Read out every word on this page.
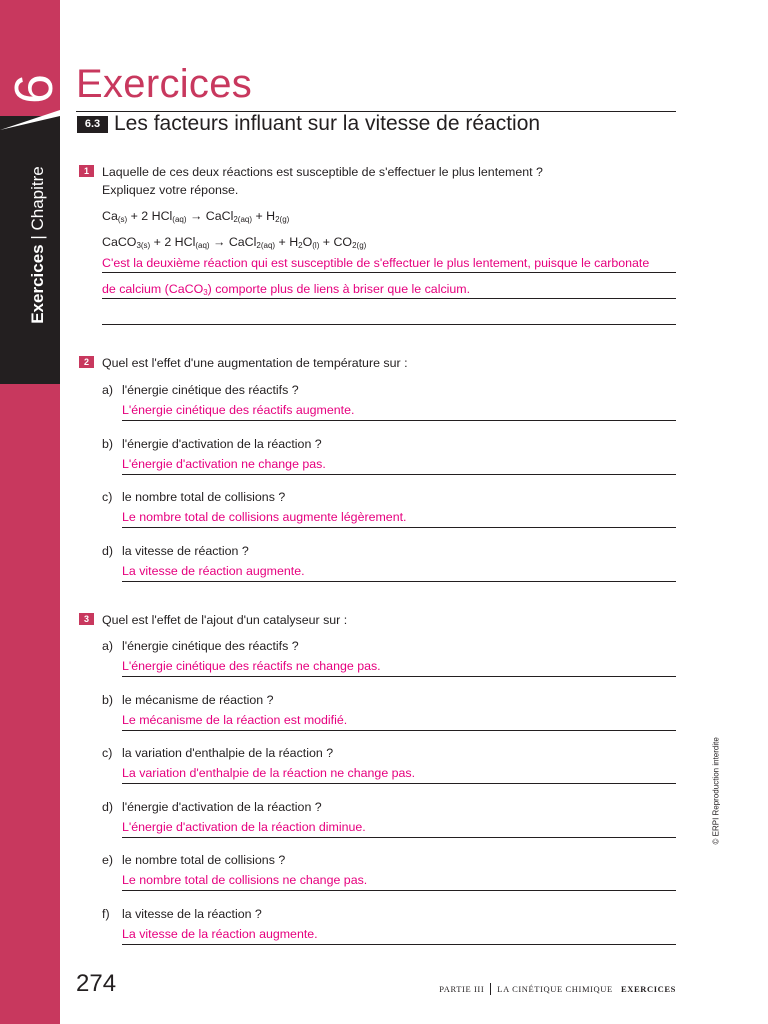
6
Exercices | Chapitre
Exercices
6.3 Les facteurs influant sur la vitesse de réaction
1	Laquelle de ces deux réactions est susceptible de s'effectuer le plus lentement ?
Expliquez votre réponse.
$Ca_{(s)} + 2$ HCl$_{(aq)}$ → CaCl$_{2(aq)}$ + $H_{2(g)}$
CaCO$_{3(s)}$ + 2 HCl$_{(aq)}$ → CaCl$_{2(aq)}$ + $H_2O_{(l)} + CO_{2(g)}$
C'est la deuxième réaction qui est susceptible de s'effectuer le plus lentement, puisque le carbonate
de calcium (CaCO$_3$) comporte plus de liens à briser que le calcium.
2	Quel est l'effet d'une augmentation de température sur :
a) l'énergie cinétique des réactifs ?
L'énergie cinétique des réactifs augmente.
b) l'énergie d'activation de la réaction ?
L'énergie d'activation ne change pas.
c) le nombre total de collisions ?
Le nombre total de collisions augmente légèrement.
d) la vitesse de réaction ?
La vitesse de réaction augmente.
3	Quel est l'effet de l'ajout d'un catalyseur sur :
a) l'énergie cinétique des réactifs ?
L'énergie cinétique des réactifs ne change pas.
b) le mécanisme de réaction ?
Le mécanisme de la réaction est modifié.
c) la variation d'enthalpie de la réaction ?
La variation d'enthalpie de la réaction ne change pas.
d) l'énergie d'activation de la réaction ?
L'énergie d'activation de la réaction diminue.
e) le nombre total de collisions ?
Le nombre total de collisions ne change pas.
f) la vitesse de la réaction ?
La vitesse de la réaction augmente.
© ERPI Reproduction interdite
274	PARTIE III LA CINÉTIQUE CHIMIQUE EXERCICES
